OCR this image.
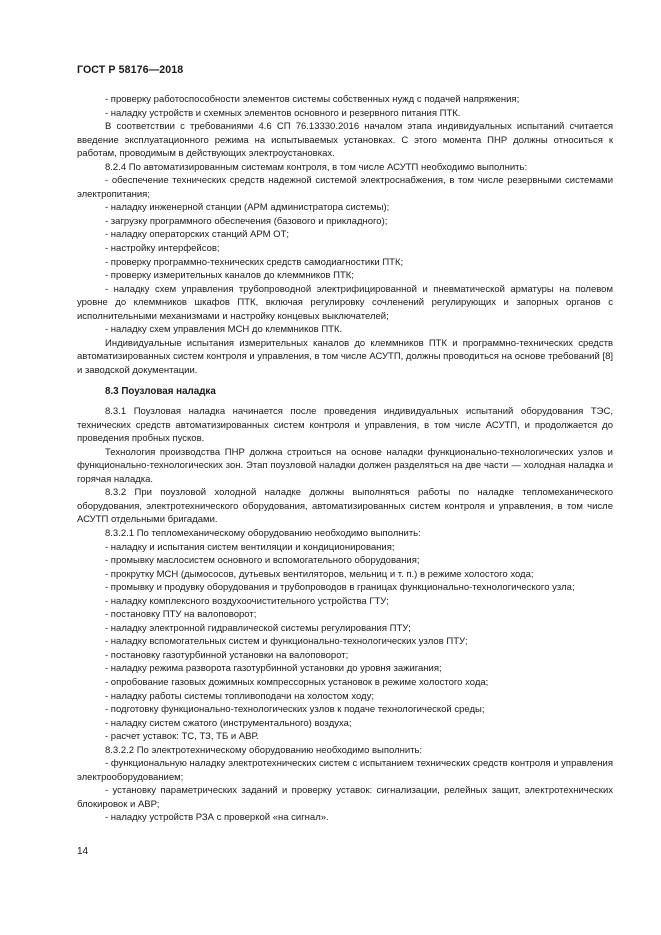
ГОСТ Р 58176—2018

- проверку работоспособности элементов системы собственных нужд с подачей напряжения;

- наладку устройств и схемных элементов основного и резервного питания ПТК.

В соответствии с требованиями 4.6 СП 76.13330.2016 началом этапа индивидуальных испытаний считается введение эксплуатационного режима на испытываемых установках. С этого момента ПНР должны относиться к работам, проводимым в действующих электроустановках.

8.2.4 По автоматизированным системам контроля, в том числе АСУТП необходимо выполнить:

- обеспечение технических средств надежной системой электроснабжения, в том числе резервными системами электропитания;

- наладку инженерной станции (АРМ администратора системы);

- загрузку программного обеспечения (базового и прикладного);

- наладку операторских станций АРМ ОТ;

- настройку интерфейсов;

- проверку программно-технических средств самодиагностики ПТК;

- проверку измерительных каналов до клеммников ПТК;

- наладку схем управления трубопроводной электрифицированной и пневматической арматуры на полевом уровне до клеммников шкафов ПТК, включая регулировку сочленений регулирующих и запорных органов с исполнительными механизмами и настройку концевых выключателей;

- наладку схем управления МСН до клеммников ПТК.

Индивидуальные испытания измерительных каналов до клеммников ПТК и программно-технических средств автоматизированных систем контроля и управления, в том числе АСУТП, должны проводиться на основе требований [8] и заводской документации.

8.3 Поузловая наладка

8.3.1 Поузловая наладка начинается после проведения индивидуальных испытаний оборудования ТЭС, технических средств автоматизированных систем контроля и управления, в том числе АСУТП, и продолжается до проведения пробных пусков.

Технология производства ПНР должна строиться на основе наладки функционально-технологических узлов и функционально-технологических зон. Этап поузловой наладки должен разделяться на две части — холодная наладка и горячая наладка.

8.3.2 При поузловой холодной наладке должны выполняться работы по наладке тепломеханического оборудования, электротехнического оборудования, автоматизированных систем контроля и управления, в том числе АСУТП отдельными бригадами.

8.3.2.1 По тепломеханическому оборудованию необходимо выполнить:

- наладку и испытания систем вентиляции и кондиционирования;

- промывку маслосистем основного и вспомогательного оборудования;

- прокрутку МСН (дымососов, дутьевых вентиляторов, мельниц и т. п.) в режиме холостого хода;

- промывку и продувку оборудования и трубопроводов в границах функционально-технологического узла;

- наладку комплексного воздухоочистительного устройства ГТУ;

- постановку ПТУ на валоповорот;

- наладку электронной гидравлической системы регулирования ПТУ;

- наладку вспомогательных систем и функционально-технологических узлов ПТУ;

- постановку газотурбинной установки на валоповорот;

- наладку режима разворота газотурбинной установки до уровня зажигания;

- опробование газовых дожимных компрессорных установок в режиме холостого хода;

- наладку работы системы топливоподачи на холостом ходу;

- подготовку функционально-технологических узлов к подаче технологической среды;

- наладку систем сжатого (инструментального) воздуха;

- расчет уставок: ТС, ТЗ, ТБ и АВР.

8.3.2.2 По электротехническому оборудованию необходимо выполнить:

- функциональную наладку электротехнических систем с испытанием технических средств контроля и управления электрооборудованием;

- установку параметрических заданий и проверку уставок: сигнализации, релейных защит, электротехнических блокировок и АВР;

- наладку устройств РЗА с проверкой «на сигнал».

14
